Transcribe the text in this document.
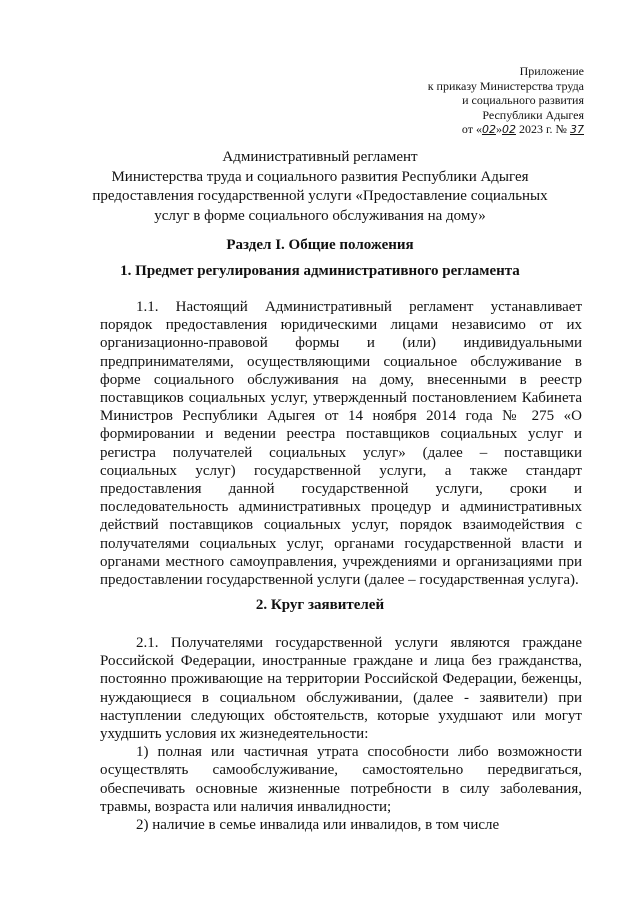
Приложение
к приказу Министерства труда
и социального развития
Республики Адыгея
от «02»02 2023 г. № 37
Административный регламент
Министерства труда и социального развития Республики Адыгея
предоставления государственной услуги «Предоставление социальных
услуг в форме социального обслуживания на дому»
Раздел I. Общие положения
1. Предмет регулирования административного регламента

1.1. Настоящий Административный регламент устанавливает порядок предоставления юридическими лицами независимо от их организационно-правовой формы и (или) индивидуальными предпринимателями, осуществляющими социальное обслуживание в форме социального обслуживания на дому, внесенными в реестр поставщиков социальных услуг, утвержденный постановлением Кабинета Министров Республики Адыгея от 14 ноября 2014 года № 275 «О формировании и ведении реестра поставщиков социальных услуг и регистра получателей социальных услуг» (далее – поставщики социальных услуг) государственной услуги, а также стандарт предоставления данной государственной услуги, сроки и последовательность административных процедур и административных действий поставщиков социальных услуг, порядок взаимодействия с получателями социальных услуг, органами государственной власти и органами местного самоуправления, учреждениями и организациями при предоставлении государственной услуги (далее – государственная услуга).

2. Круг заявителей

2.1. Получателями государственной услуги являются граждане Российской Федерации, иностранные граждане и лица без гражданства, постоянно проживающие на территории Российской Федерации, беженцы, нуждающиеся в социальном обслуживании, (далее - заявители) при наступлении следующих обстоятельств, которые ухудшают или могут ухудшить условия их жизнедеятельности:

1) полная или частичная утрата способности либо возможности осуществлять самообслуживание, самостоятельно передвигаться, обеспечивать основные жизненные потребности в силу заболевания, травмы, возраста или наличия инвалидности;

2) наличие в семье инвалида или инвалидов, в том числе
